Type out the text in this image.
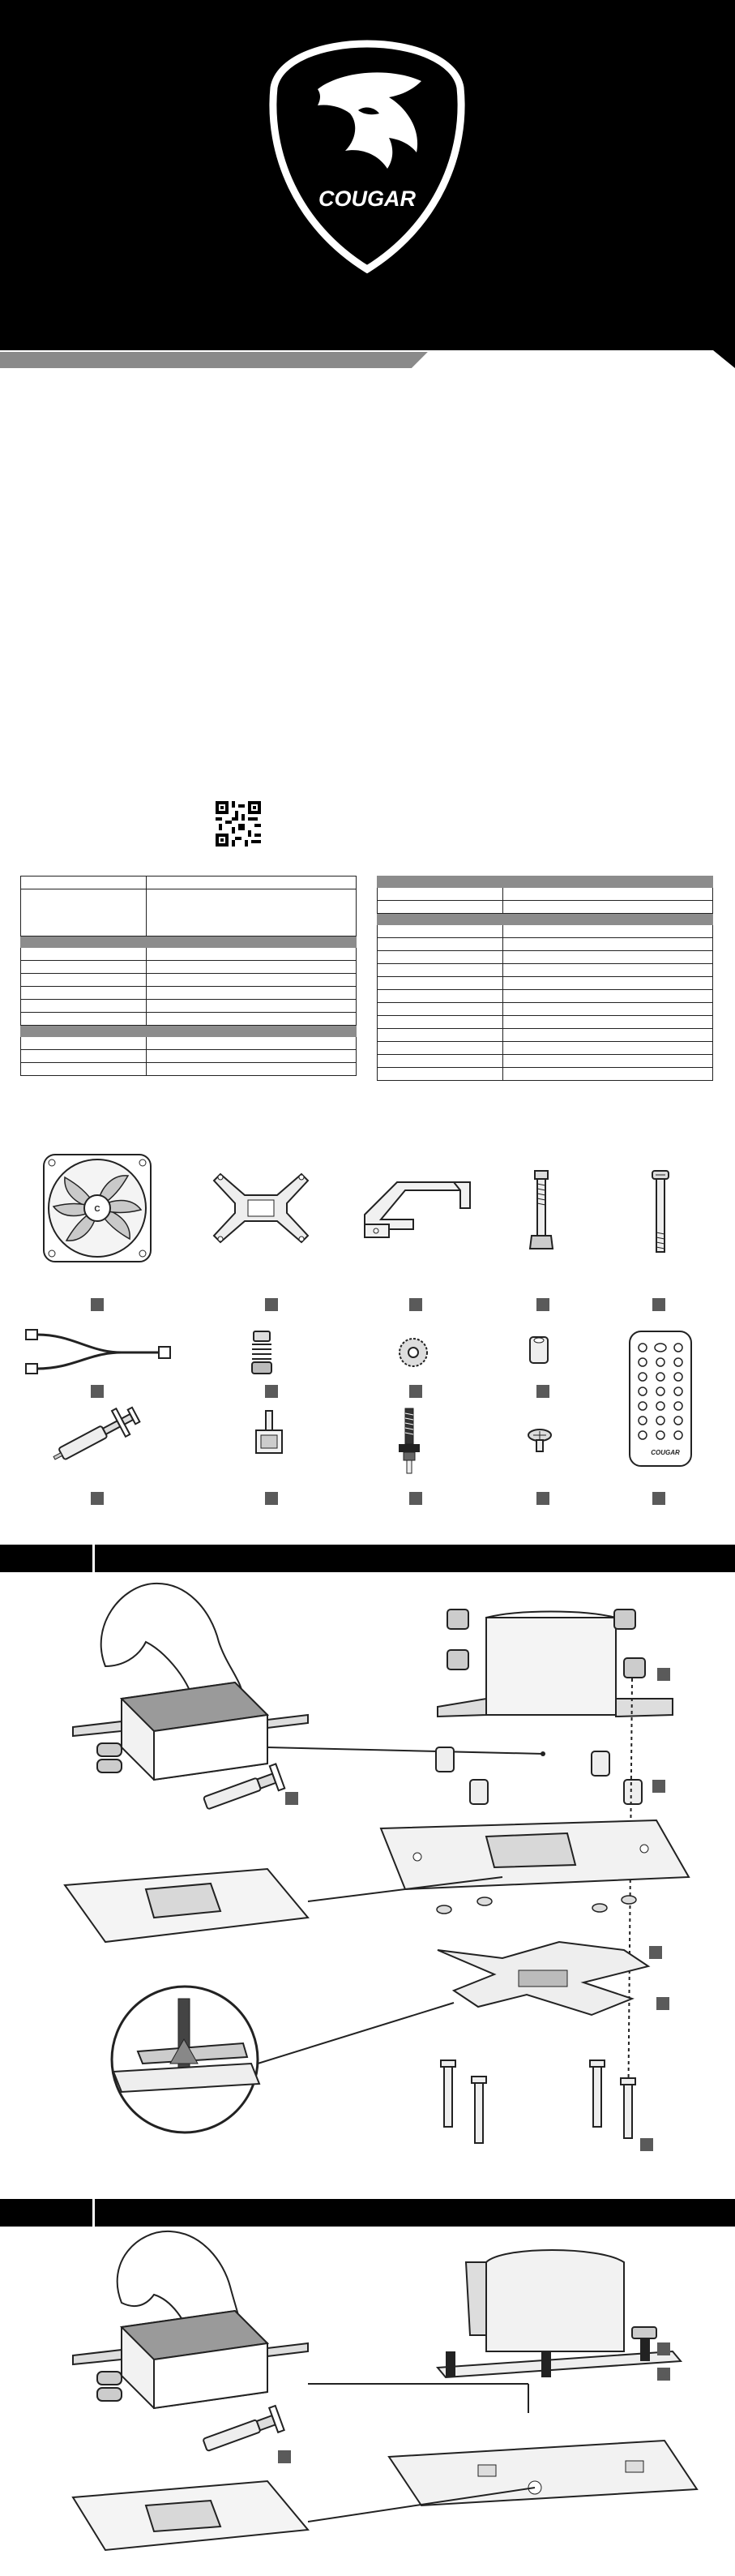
COUGAR

C
COUGAR
